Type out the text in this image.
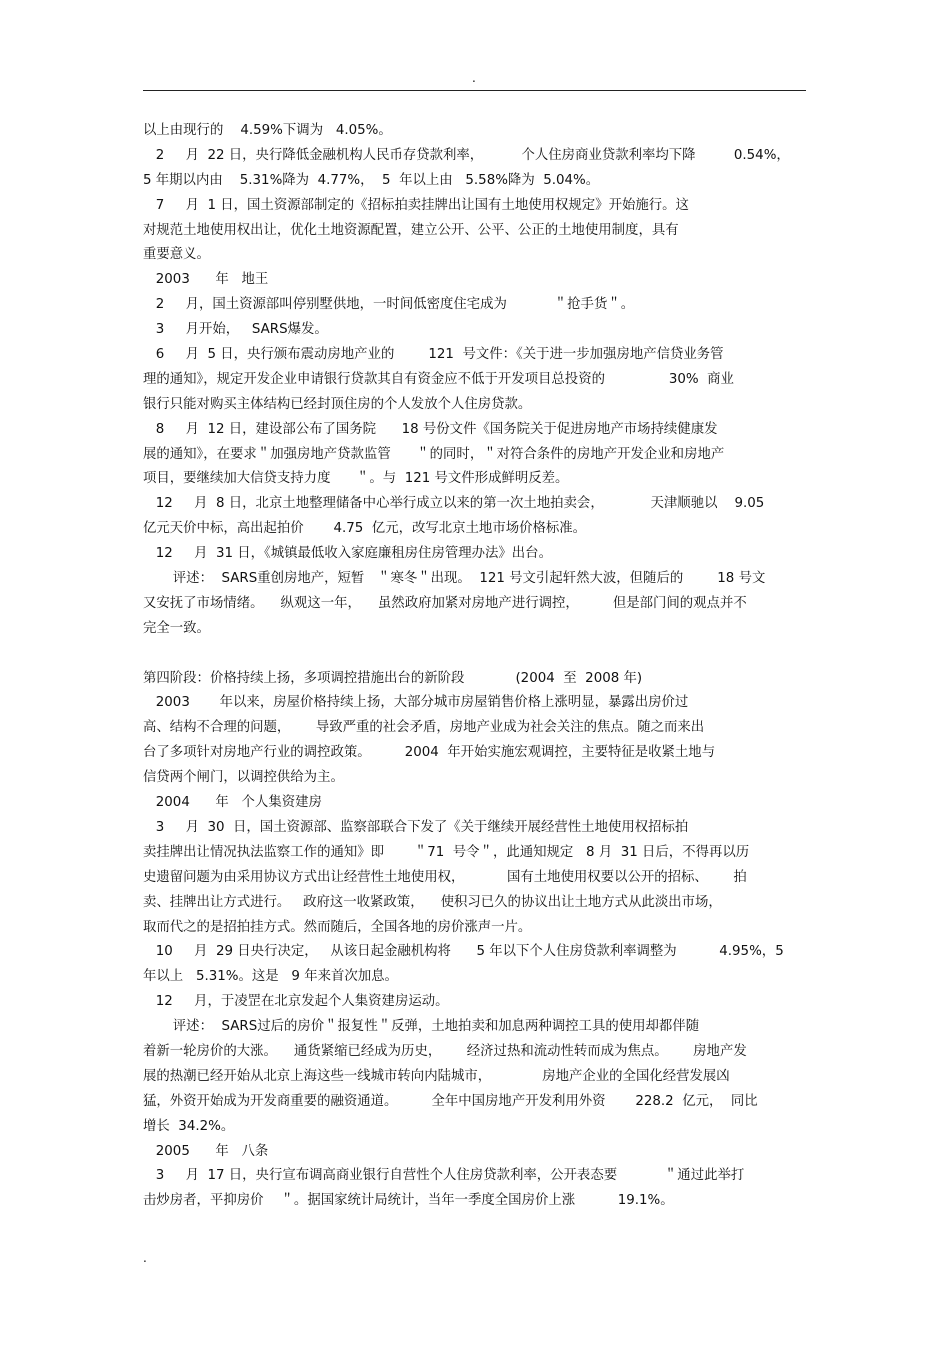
.
以上由现行的    4.59%下调为   4.05%。
2     月  22 日，央行降低金融机构人民币存贷款利率，         个人住房商业贷款利率均下降         0.54%，
5 年期以内由    5.31%降为  4.77%，  5  年以上由   5.58%降为  5.04%。
7     月  1 日，国土资源部制定的《招标拍卖挂牌出让国有土地使用权规定》开始施行。这
对规范土地使用权出让，优化土地资源配置，建立公开、公平、公正的土地使用制度，具有
重要意义。
2003      年   地王
2     月，国土资源部叫停别墅供地，一时间低密度住宅成为           ＂抢手货＂。
3     月开始，   SARS爆发。
6     月  5 日，央行颁布震动房地产业的        121  号文件：《关于进一步加强房地产信贷业务管
理的通知》，规定开发企业申请银行贷款其自有资金应不低于开发项目总投资的               30%  商业
银行只能对购买主体结构已经封顶住房的个人发放个人住房贷款。
8     月  12 日，建设部公布了国务院      18 号份文件《国务院关于促进房地产市场持续健康发
展的通知》，在要求＂加强房地产贷款监管      ＂的同时，＂对符合条件的房地产开发企业和房地产
项目，要继续加大信贷支持力度      ＂。与  121 号文件形成鲜明反差。
12     月  8 日，北京土地整理储备中心举行成立以来的第一次土地拍卖会，           天津顺驰以    9.05
亿元天价中标，高出起拍价       4.75  亿元，改写北京土地市场价格标准。
12     月  31 日，《城镇最低收入家庭廉租房住房管理办法》出台。
评述：  SARS重创房地产，短暂   ＂寒冬＂出现。  121 号文引起轩然大波，但随后的        18 号文
又安抚了市场情绪。    纵观这一年，    虽然政府加紧对房地产进行调控，        但是部门间的观点并不
完全一致。
第四阶段：价格持续上扬，多项调控措施出台的新阶段            (2004  至  2008 年)
2003       年以来，房屋价格持续上扬，大部分城市房屋销售价格上涨明显，暴露出房价过
高、结构不合理的问题，      导致严重的社会矛盾，房地产业成为社会关注的焦点。随之而来出
台了多项针对房地产行业的调控政策。        2004  年开始实施宏观调控，主要特征是收紧土地与
信贷两个闸门，以调控供给为主。
2004      年   个人集资建房
3     月  30  日，国土资源部、监察部联合下发了《关于继续开展经营性土地使用权招标拍
卖挂牌出让情况执法监察工作的通知》即       ＂71  号令＂，此通知规定   8 月  31 日后，不得再以历
史遗留问题为由采用协议方式出让经营性土地使用权，          国有土地使用权要以公开的招标、      拍
卖、挂牌出让方式进行。   政府这一收紧政策，    使积习已久的协议出让土地方式从此淡出市场，
取而代之的是招拍挂方式。然而随后，全国各地的房价涨声一片。
10     月  29 日央行决定，   从该日起金融机构将      5 年以下个人住房贷款利率调整为          4.95%，5
年以上   5.31%。这是   9 年来首次加息。
12     月，于凌罡在北京发起个人集资建房运动。
评述：  SARS过后的房价＂报复性＂反弹，土地拍卖和加息两种调控工具的使用却都伴随
着新一轮房价的大涨。    通货紧缩已经成为历史，      经济过热和流动性转而成为焦点。      房地产发
展的热潮已经开始从北京上海这些一线城市转向内陆城市，            房地产企业的全国化经营发展凶
猛，外资开始成为开发商重要的融资通道。        全年中国房地产开发利用外资       228.2  亿元，  同比
增长  34.2%。
2005      年   八条
3     月  17 日，央行宣布调高商业银行自营性个人住房贷款利率，公开表态要           ＂通过此举打
击炒房者，平抑房价    ＂。据国家统计局统计，当年一季度全国房价上涨          19.1%。
.
